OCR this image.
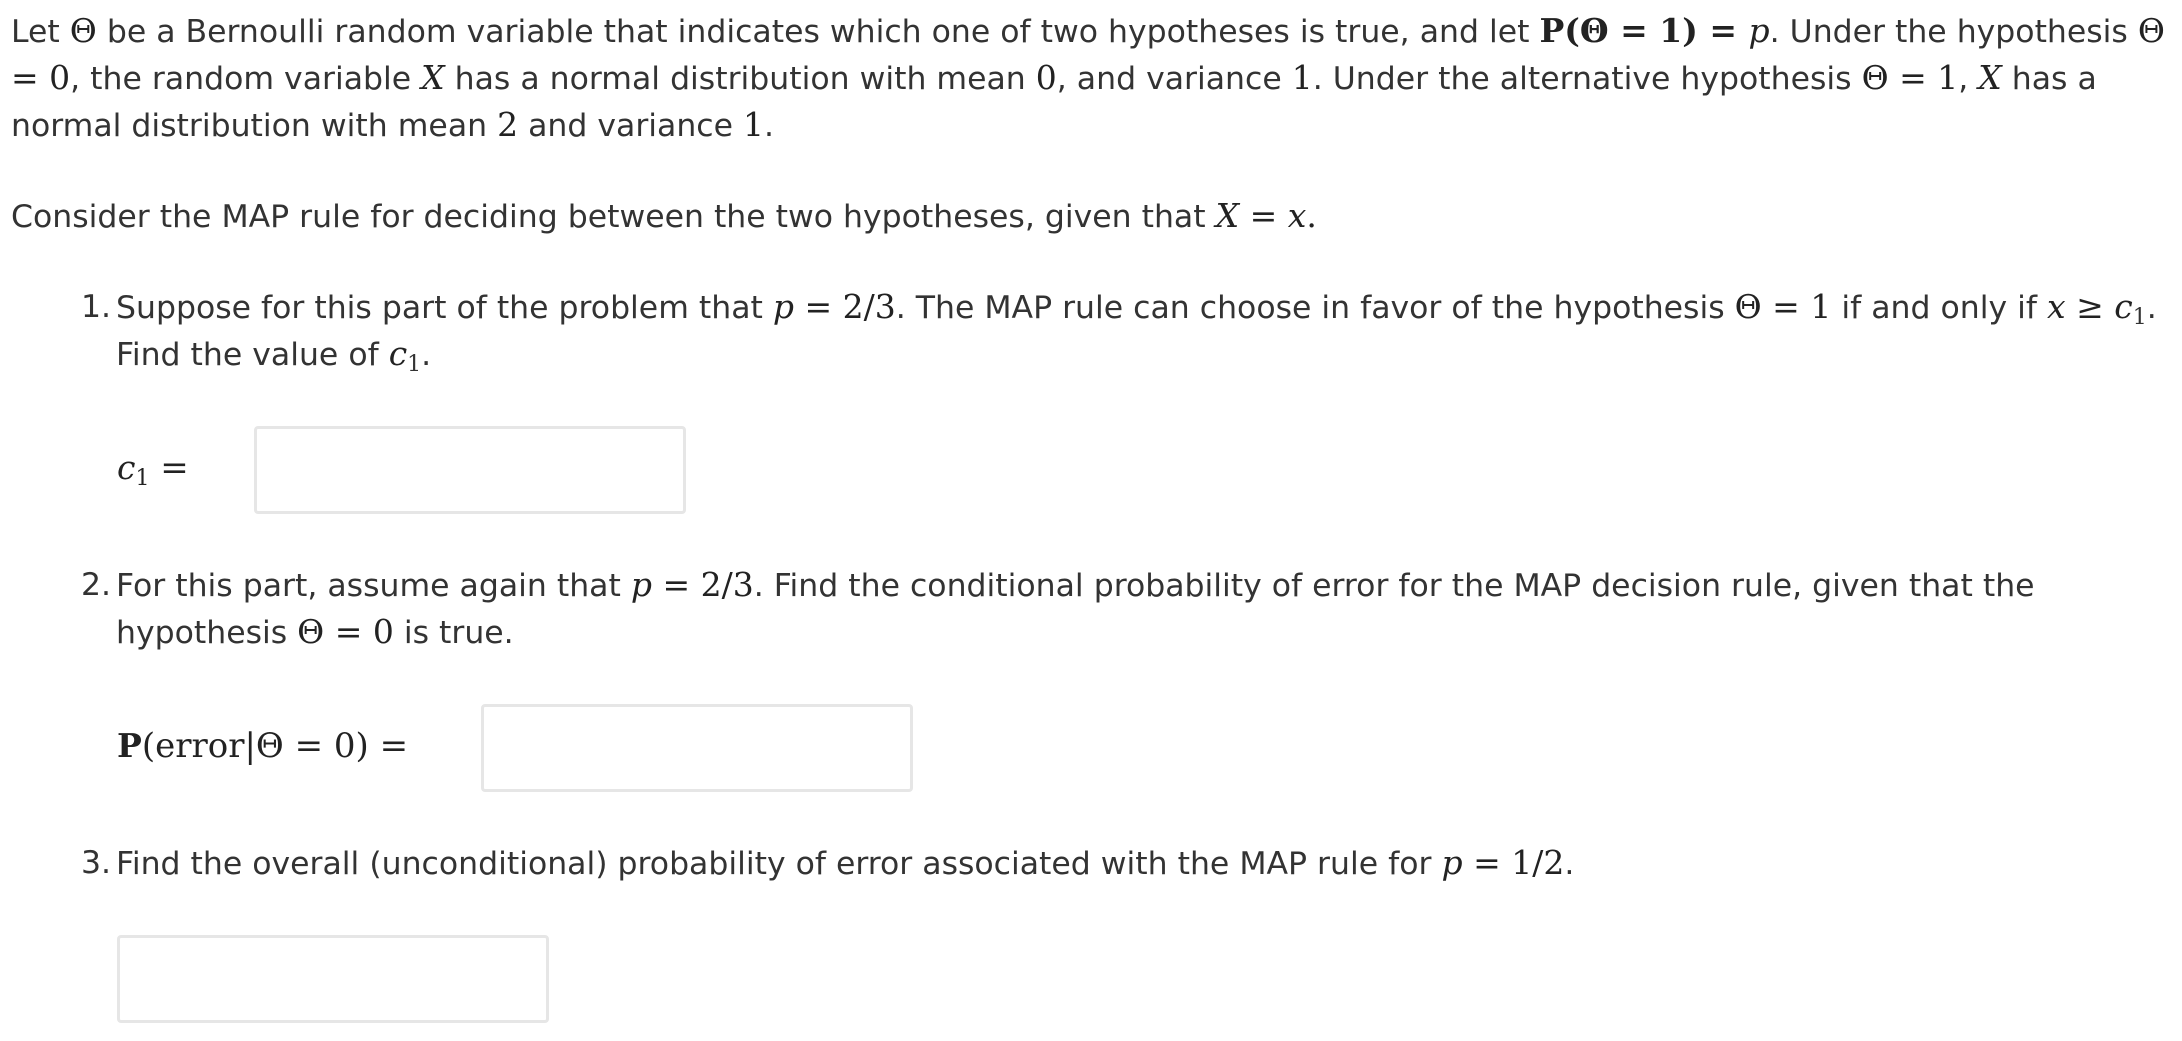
Let Θ be a Bernoulli random variable that indicates which one of two hypotheses is true, and let P(Θ = 1) = p. Under the hypothesis Θ = 0, the random variable X has a normal distribution with mean 0, and variance 1. Under the alternative hypothesis Θ = 1, X has a normal distribution with mean 2 and variance 1.

Consider the MAP rule for deciding between the two hypotheses, given that X = x.

1. Suppose for this part of the problem that p = 2/3. The MAP rule can choose in favor of the hypothesis Θ = 1 if and only if $x \ge c_1$. Find the value of $c_1$.
$c_1$ =
2. For this part, assume again that p = 2/3. Find the conditional probability of error for the MAP decision rule, given that the hypothesis Θ = 0 is true.
P(error|Θ = 0) =
3. Find the overall (unconditional) probability of error associated with the MAP rule for p = 1/2.
